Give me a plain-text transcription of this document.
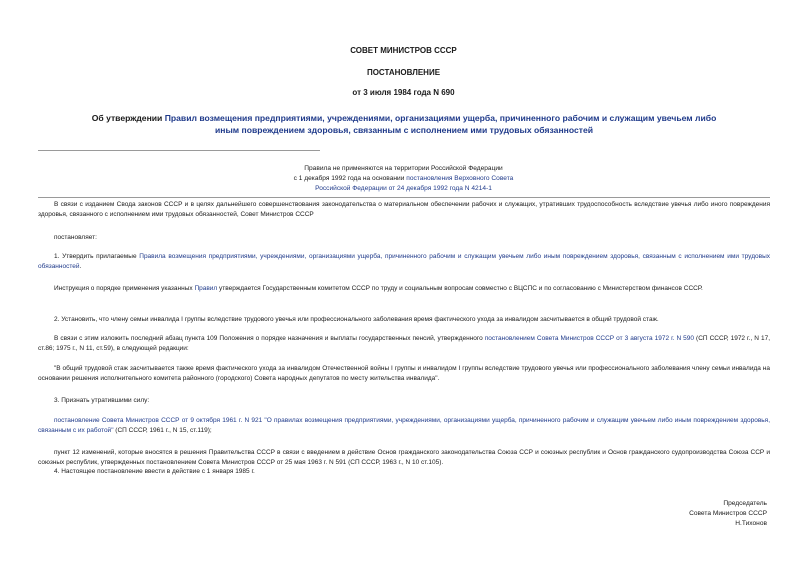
СОВЕТ МИНИСТРОВ СССР
ПОСТАНОВЛЕНИЕ
от 3 июля 1984 года N 690
Об утверждении Правил возмещения предприятиями, учреждениями, организациями ущерба, причиненного рабочим и служащим увечьем либо иным повреждением здоровья, связанным с исполнением ими трудовых обязанностей
Правила не применяются на территории Российской Федерации
с 1 декабря 1992 года на основании постановления Верховного Совета
Российской Федерации от 24 декабря 1992 года N 4214-1
В связи с изданием Свода законов СССР и в целях дальнейшего совершенствования законодательства о материальном обеспечении рабочих и служащих, утративших трудоспособность вследствие увечья либо иного повреждения здоровья, связанного с исполнением ими трудовых обязанностей, Совет Министров СССР
постановляет:
1. Утвердить прилагаемые Правила возмещения предприятиями, учреждениями, организациями ущерба, причиненного рабочим и служащим увечьем либо иным повреждением здоровья, связанным с исполнением ими трудовых обязанностей.
Инструкция о порядке применения указанных Правил утверждается Государственным комитетом СССР по труду и социальным вопросам совместно с ВЦСПС и по согласованию с Министерством финансов СССР.
2. Установить, что члену семьи инвалида I группы вследствие трудового увечья или профессионального заболевания время фактического ухода за инвалидом засчитывается в общий трудовой стаж.
В связи с этим изложить последний абзац пункта 109 Положения о порядке назначения и выплаты государственных пенсий, утвержденного постановлением Совета Министров СССР от 3 августа 1972 г. N 590 (СП СССР, 1972 г., N 17, ст.86; 1975 г., N 11, ст.59), в следующей редакции:
"В общий трудовой стаж засчитывается также время фактического ухода за инвалидом Отечественной войны I группы и инвалидом I группы вследствие трудового увечья или профессионального заболевания члену семьи инвалида на основании решения исполнительного комитета районного (городского) Совета народных депутатов по месту жительства инвалида".
3. Признать утратившими силу:
постановление Совета Министров СССР от 9 октября 1961 г. N 921 "О правилах возмещения предприятиями, учреждениями, организациями ущерба, причиненного рабочим и служащим увечьем либо иным повреждением здоровья, связанным с их работой" (СП СССР, 1961 г., N 15, ст.119);
пункт 12 изменений, которые вносятся в решения Правительства СССР в связи с введением в действие Основ гражданского законодательства Союза ССР и союзных республик и Основ гражданского судопроизводства Союза ССР и союзных республик, утвержденных постановлением Совета Министров СССР от 25 мая 1963 г. N 591 (СП СССР, 1963 г., N 10 ст.105).
4. Настоящее постановление ввести в действие с 1 января 1985 г.
Председатель
Совета Министров СССР
Н.Тихонов
